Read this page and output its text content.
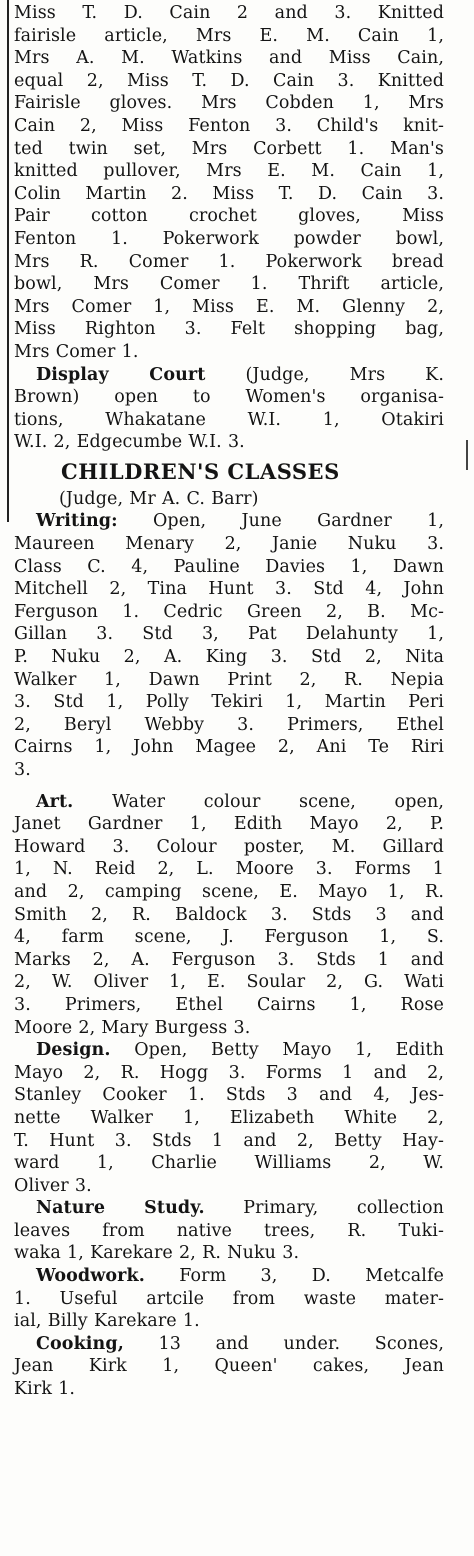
Miss T. D. Cain 2 and 3. Knitted
fairisle article, Mrs E. M. Cain 1,
Mrs A. M. Watkins and Miss Cain,
equal 2, Miss T. D. Cain 3. Knitted
Fairisle gloves. Mrs Cobden 1, Mrs
Cain 2, Miss Fenton 3. Child's knit-
ted twin set, Mrs Corbett 1. Man's
knitted pullover, Mrs E. M. Cain 1,
Colin Martin 2. Miss T. D. Cain 3.
Pair cotton crochet gloves, Miss
Fenton 1. Pokerwork powder bowl,
Mrs R. Comer 1. Pokerwork bread
bowl, Mrs Comer 1. Thrift article,
Mrs Comer 1, Miss E. M. Glenny 2,
Miss Righton 3. Felt shopping bag,
Mrs Comer 1.
Display Court (Judge, Mrs K.
Brown) open to Women's organisa-
tions, Whakatane W.I. 1, Otakiri
W.I. 2, Edgecumbe W.I. 3.
CHILDREN'S CLASSES
(Judge, Mr A. C. Barr)
Writing: Open, June Gardner 1,
Maureen Menary 2, Janie Nuku 3.
Class C. 4, Pauline Davies 1, Dawn
Mitchell 2, Tina Hunt 3. Std 4, John
Ferguson 1. Cedric Green 2, B. Mc-
Gillan 3. Std 3, Pat Delahunty 1,
P. Nuku 2, A. King 3. Std 2, Nita
Walker 1, Dawn Print 2, R. Nepia
3. Std 1, Polly Tekiri 1, Martin Peri
2, Beryl Webby 3. Primers, Ethel
Cairns 1, John Magee 2, Ani Te Riri
3.
Art. Water colour scene, open,
Janet Gardner 1, Edith Mayo 2, P.
Howard 3. Colour poster, M. Gillard
1, N. Reid 2, L. Moore 3. Forms 1
and 2, camping scene, E. Mayo 1, R.
Smith 2, R. Baldock 3. Stds 3 and
4, farm scene, J. Ferguson 1, S.
Marks 2, A. Ferguson 3. Stds 1 and
2, W. Oliver 1, E. Soular 2, G. Wati
3. Primers, Ethel Cairns 1, Rose
Moore 2, Mary Burgess 3.
Design. Open, Betty Mayo 1, Edith
Mayo 2, R. Hogg 3. Forms 1 and 2,
Stanley Cooker 1. Stds 3 and 4, Jes-
nette Walker 1, Elizabeth White 2,
T. Hunt 3. Stds 1 and 2, Betty Hay-
ward 1, Charlie Williams 2, W.
Oliver 3.
Nature Study. Primary, collection
leaves from native trees, R. Tuki-
waka 1, Karekare 2, R. Nuku 3.
Woodwork. Form 3, D. Metcalfe
1. Useful artcile from waste mater-
ial, Billy Karekare 1.
Cooking, 13 and under. Scones,
Jean Kirk 1, Queen' cakes, Jean
Kirk 1.
